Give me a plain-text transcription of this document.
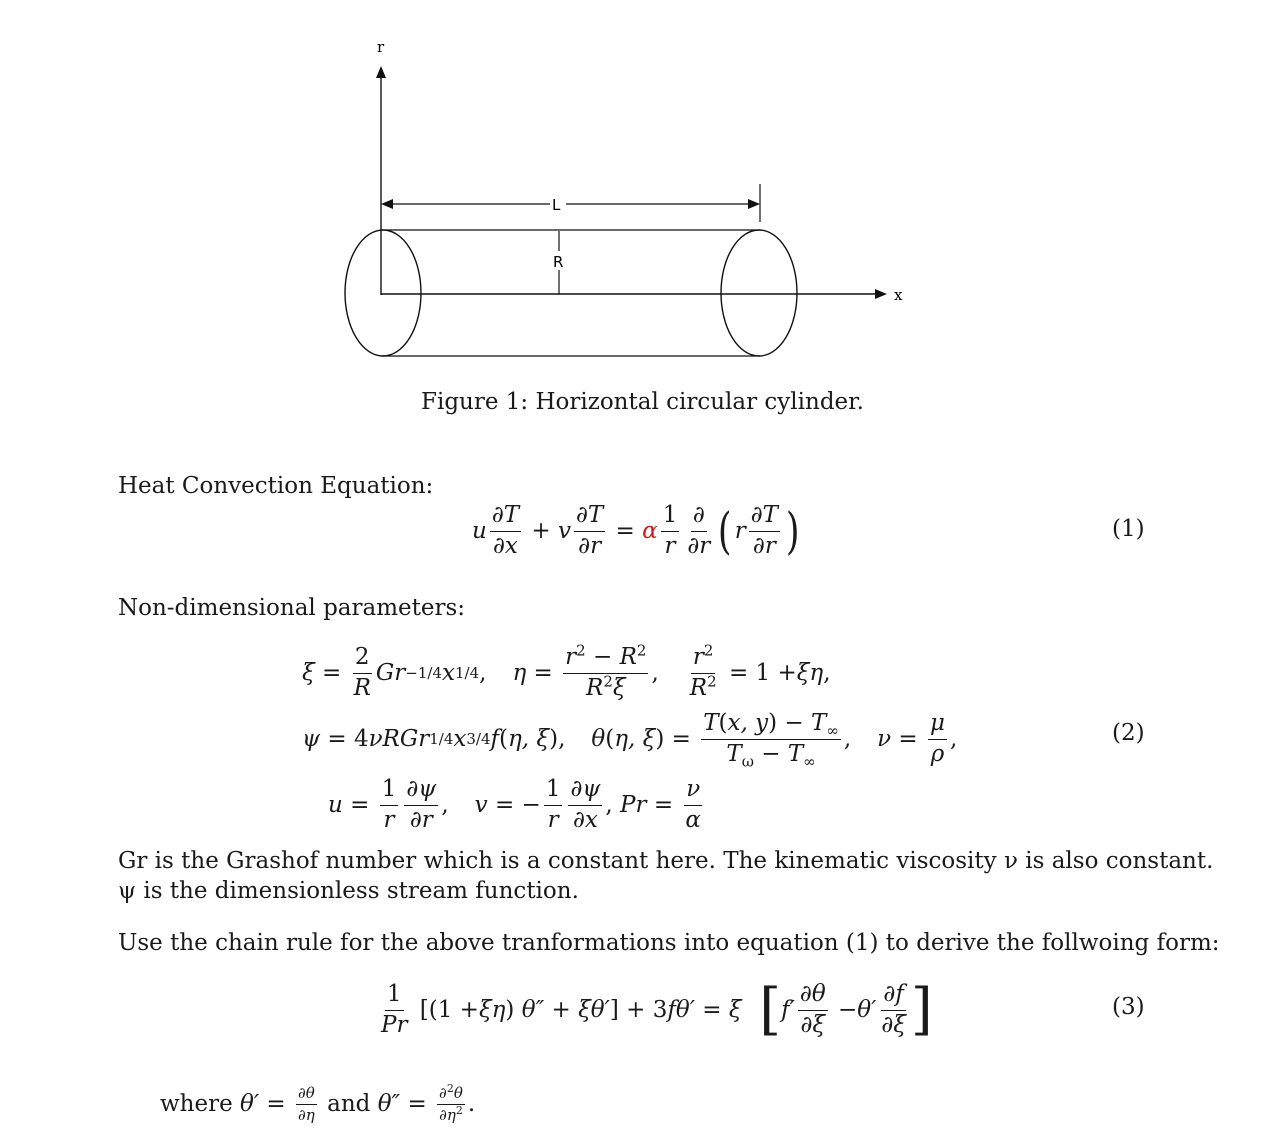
r
x
L
R
Figure 1: Horizontal circular cylinder.
Heat Convection Equation:
u $\frac{\partial T}{\partial x} + v \frac{\partial T}{\partial r} = \alpha \frac{1}{r} \frac{\partial}{\partial r}$ ( r $\frac{\partial T}{\partial r}$ )	(1)
Non-dimensional parameters:
$\xi = \frac{2}{R}$ Gr −1/4 x 1/4 , $\eta = \frac{r^2 - R^2}{R^2\xi}$ , $\frac{r^2}{R^2} = 1 + \xi\eta$ ,
ψ = 4 νRGr 1/4 x 3/4 f ( η, ξ ), θ ( η, ξ ) = $\frac{T(x, y) - T_\infty}{T_\omega - T_\infty}$ , $\nu = \frac{\mu}{\rho}$ ,	(2)
$u = \frac{1}{r} \frac{\partial\psi}{\partial r}$ , v = − $\frac{1}{r} \frac{\partial\psi}{\partial x}$ , $Pr = \frac{\nu}{\alpha}$
Gr is the Grashof number which is a constant here. The kinematic viscosity ν is also constant.
ψ is the dimensionless stream function.
Use the chain rule for the above tranformations into equation (1) to derive the follwoing form:
$\frac{1}{Pr} [(1 + \xi\eta$ ) θ″ + ξθ′ ] + 3 fθ′ = ξ [ $f' \frac{\partial\theta}{\partial\xi} - \theta' \frac{\partial f}{\partial\xi}$ ]	(3)
where
$\theta' = \frac{\partial\theta}{\partial\eta}$
and
$\theta'' = \frac{\partial^2\theta}{\partial\eta^2}$ .
